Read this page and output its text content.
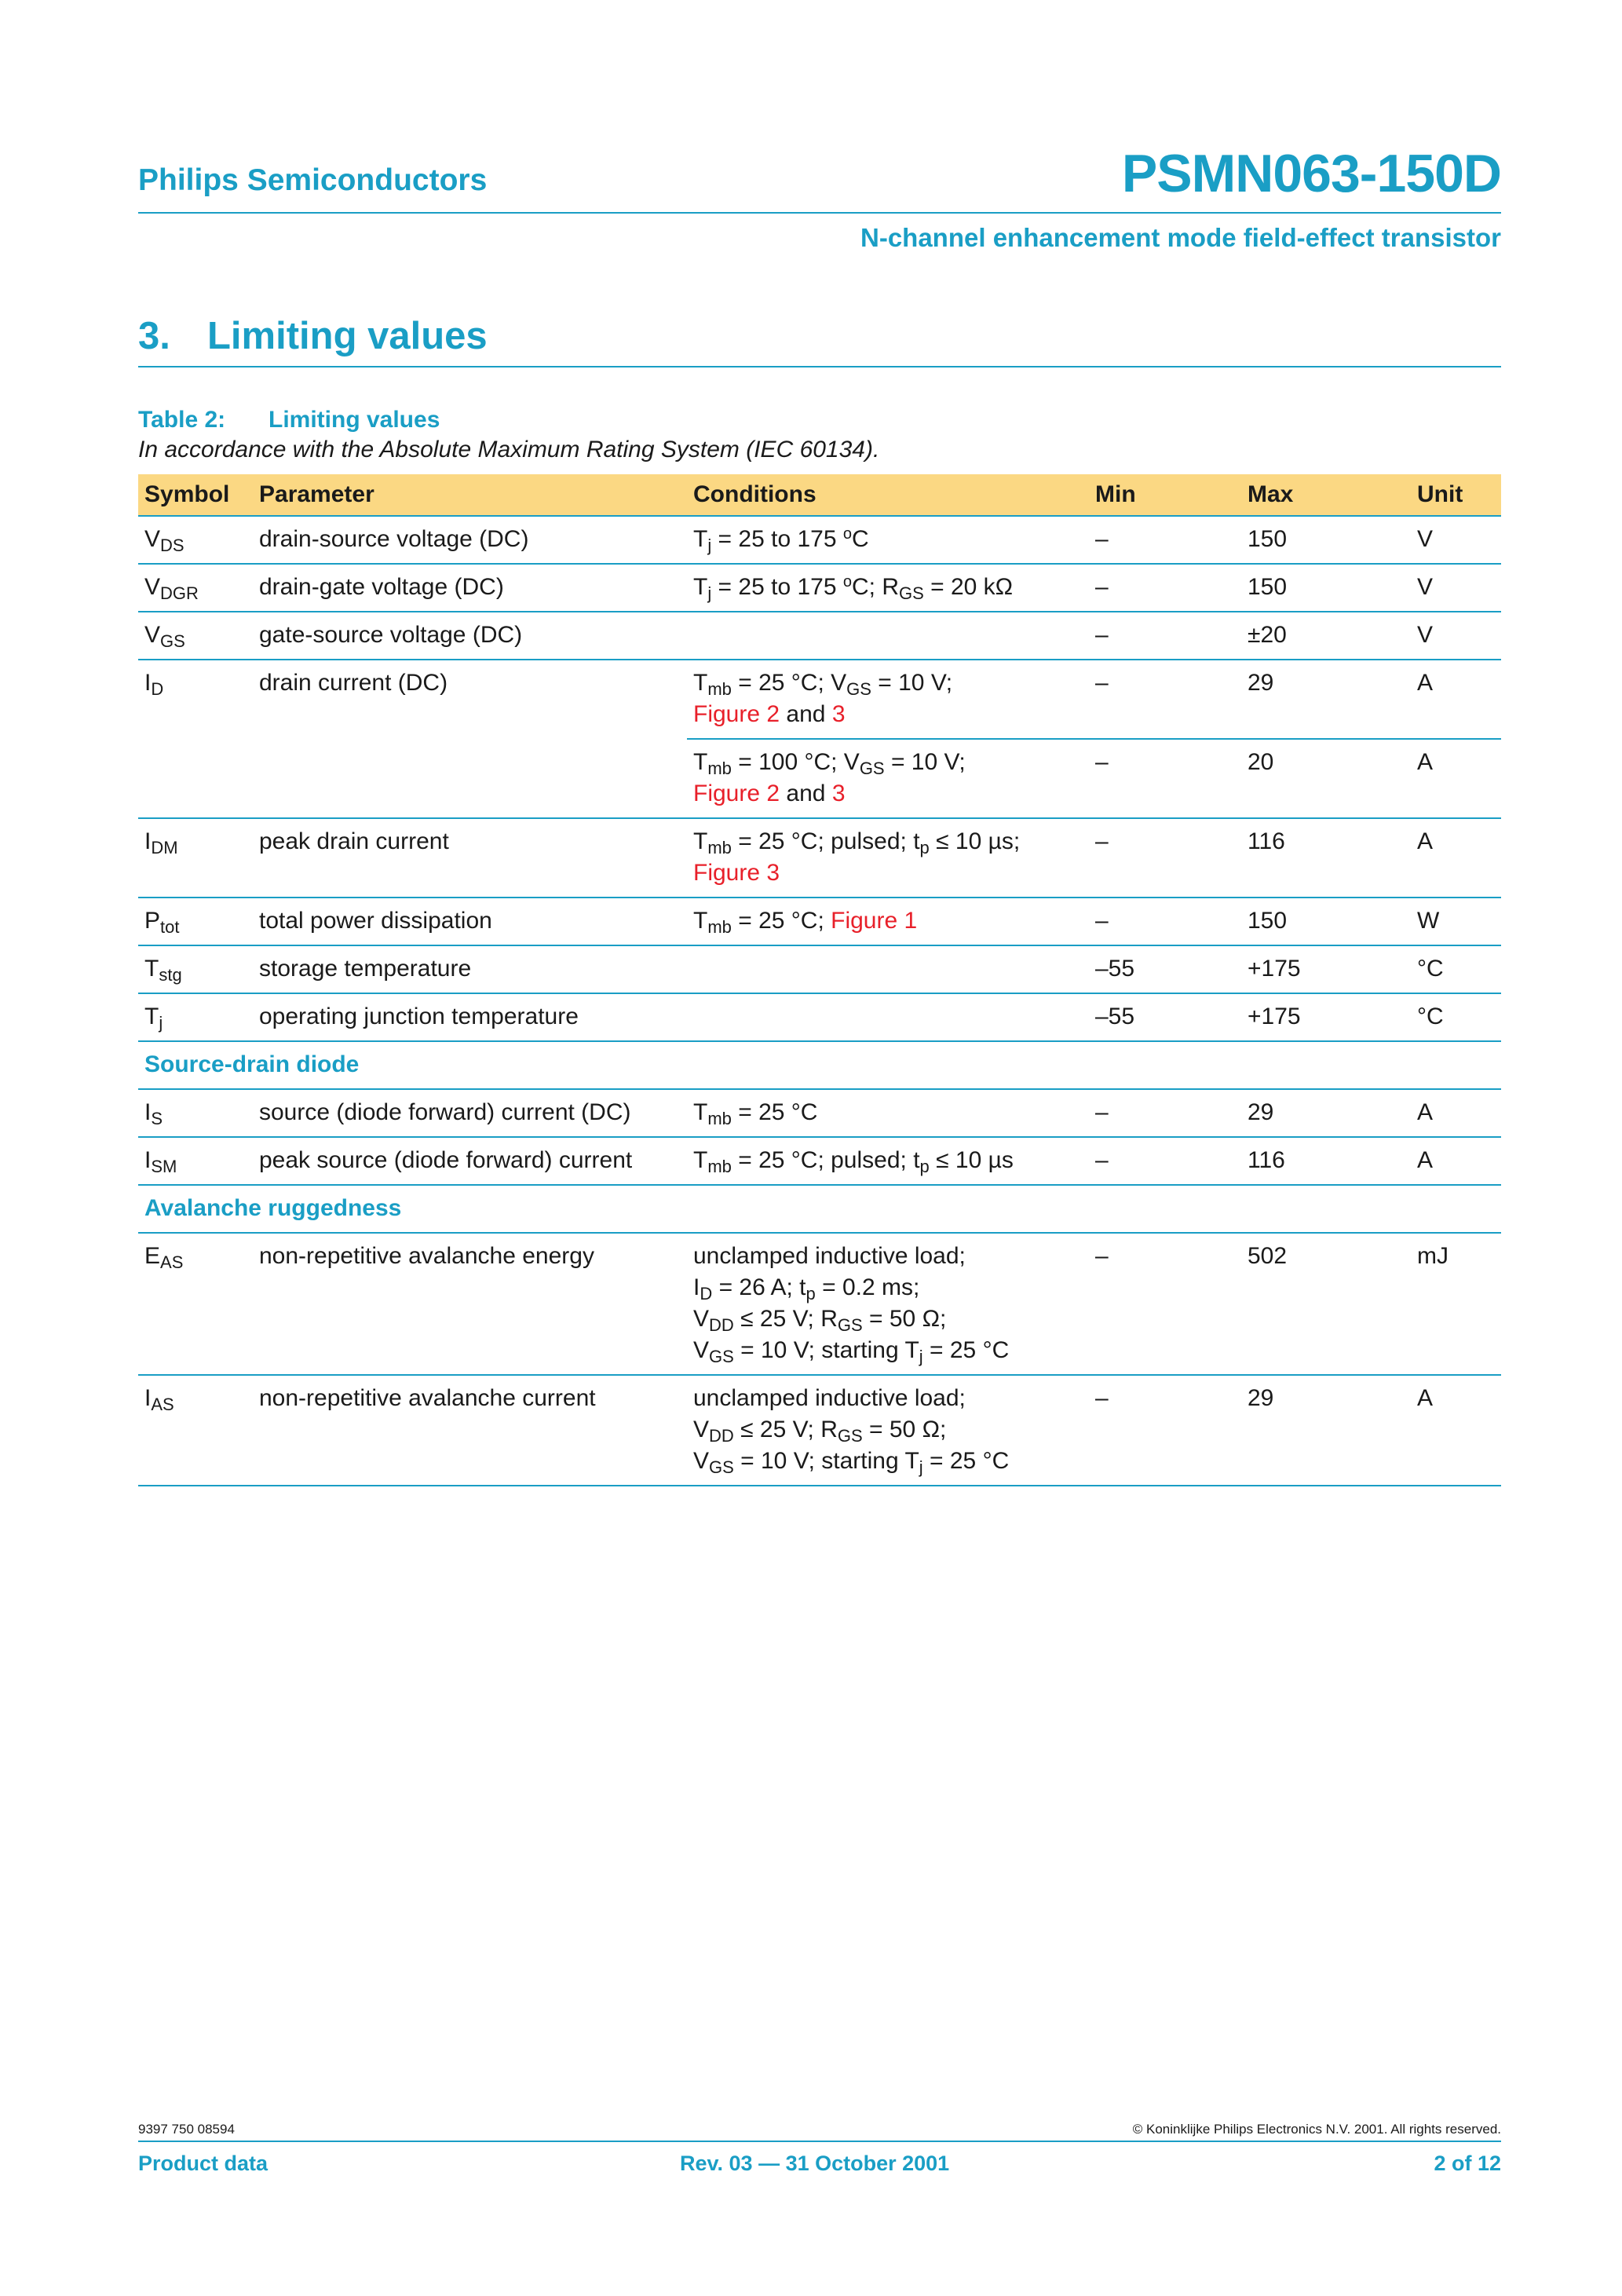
Philips Semiconductors	PSMN063-150D
N-channel enhancement mode field-effect transistor
3. Limiting values
Table 2: Limiting values
In accordance with the Absolute Maximum Rating System (IEC 60134).
Symbol	Parameter	Conditions	Min	Max	Unit
$V_{DS}$	drain-source voltage (DC)	$T_j = 25$ to 175 $^o$C	–	150	V
$V_{DGR}$	drain-gate voltage (DC)	$T_j = 25$ to 175 $^o$C; $R_{GS} = 20$ kΩ	–	150	V
$V_{GS}$	gate-source voltage (DC)		–	±20	V
$I_D$	drain current (DC)	$T_{mb} = 25$ °C; $V_{GS} = 10$ V;
Figure 2 and 3	–	29	A
		$T_{mb} = 100$ °C; $V_{GS} = 10$ V;
Figure 2 and 3	–	20	A
$I_{DM}$	peak drain current	$T_{mb} = 25$ °C; pulsed; $t_p \le 10$ µs;
Figure 3	–	116	A
$P_{tot}$	total power dissipation	$T_{mb} = 25$ °C; Figure 1	–	150	W
$T_{stg}$	storage temperature		–55	+175	°C
$T_j$	operating junction temperature		–55	+175	°C
Source-drain diode					
$I_S$	source (diode forward) current (DC)	$T_{mb} = 25$ °C	–	29	A
$I_{SM}$	peak source (diode forward) current	$T_{mb} = 25$ °C; pulsed; $t_p \le 10$ µs	–	116	A
Avalanche ruggedness					
$E_{AS}$	non-repetitive avalanche energy	unclamped inductive load;
$I_D = 26$ A; $t_p = 0.2$ ms;
$V_{DD} \le 25$ V; $R_{GS} = 50$ Ω;
$V_{GS} = 10$ V; starting $T_j = 25$ °C	–	502	mJ
$I_{AS}$	non-repetitive avalanche current	unclamped inductive load;
$V_{DD} \le 25$ V; $R_{GS} = 50$ Ω;
$V_{GS} = 10$ V; starting $T_j = 25$ °C	–	29	A
9397 750 08594	© Koninklijke Philips Electronics N.V. 2001. All rights reserved.
Product data	Rev. 03 — 31 October 2001	2 of 12
